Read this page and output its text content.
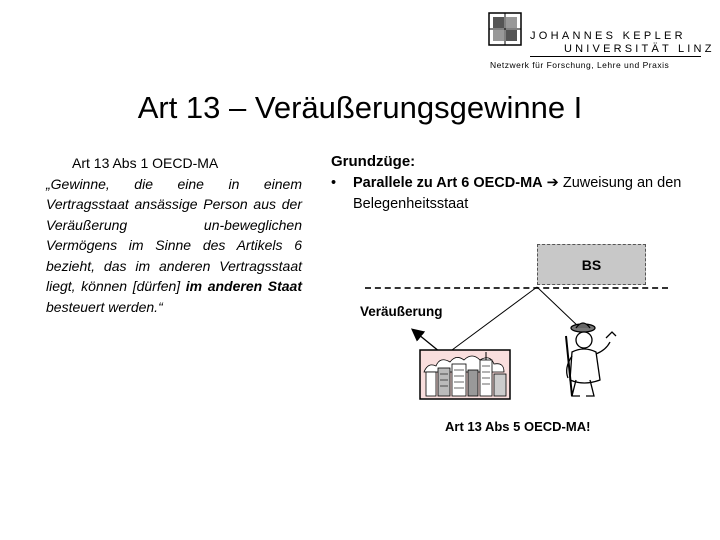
JOHANNES KEPLER
UNIVERSITÄT LINZ
Netzwerk für Forschung, Lehre und Praxis
Art 13 – Veräußerungsgewinne I
Art 13 Abs 1 OECD-MA
„Gewinne, die eine in einem Vertragsstaat ansässige Person aus der Veräußerung un-beweglichen Vermögens im Sinne des Artikels 6 bezieht, das im anderen Vertragsstaat liegt, können [dürfen] im anderen Staat besteuert werden.“
Grundzüge:
• Parallele zu Art 6 OECD-MA ➔ Zuweisung an den Belegenheitsstaat
BS
Veräußerung
Art 13 Abs 5 OECD-MA!
